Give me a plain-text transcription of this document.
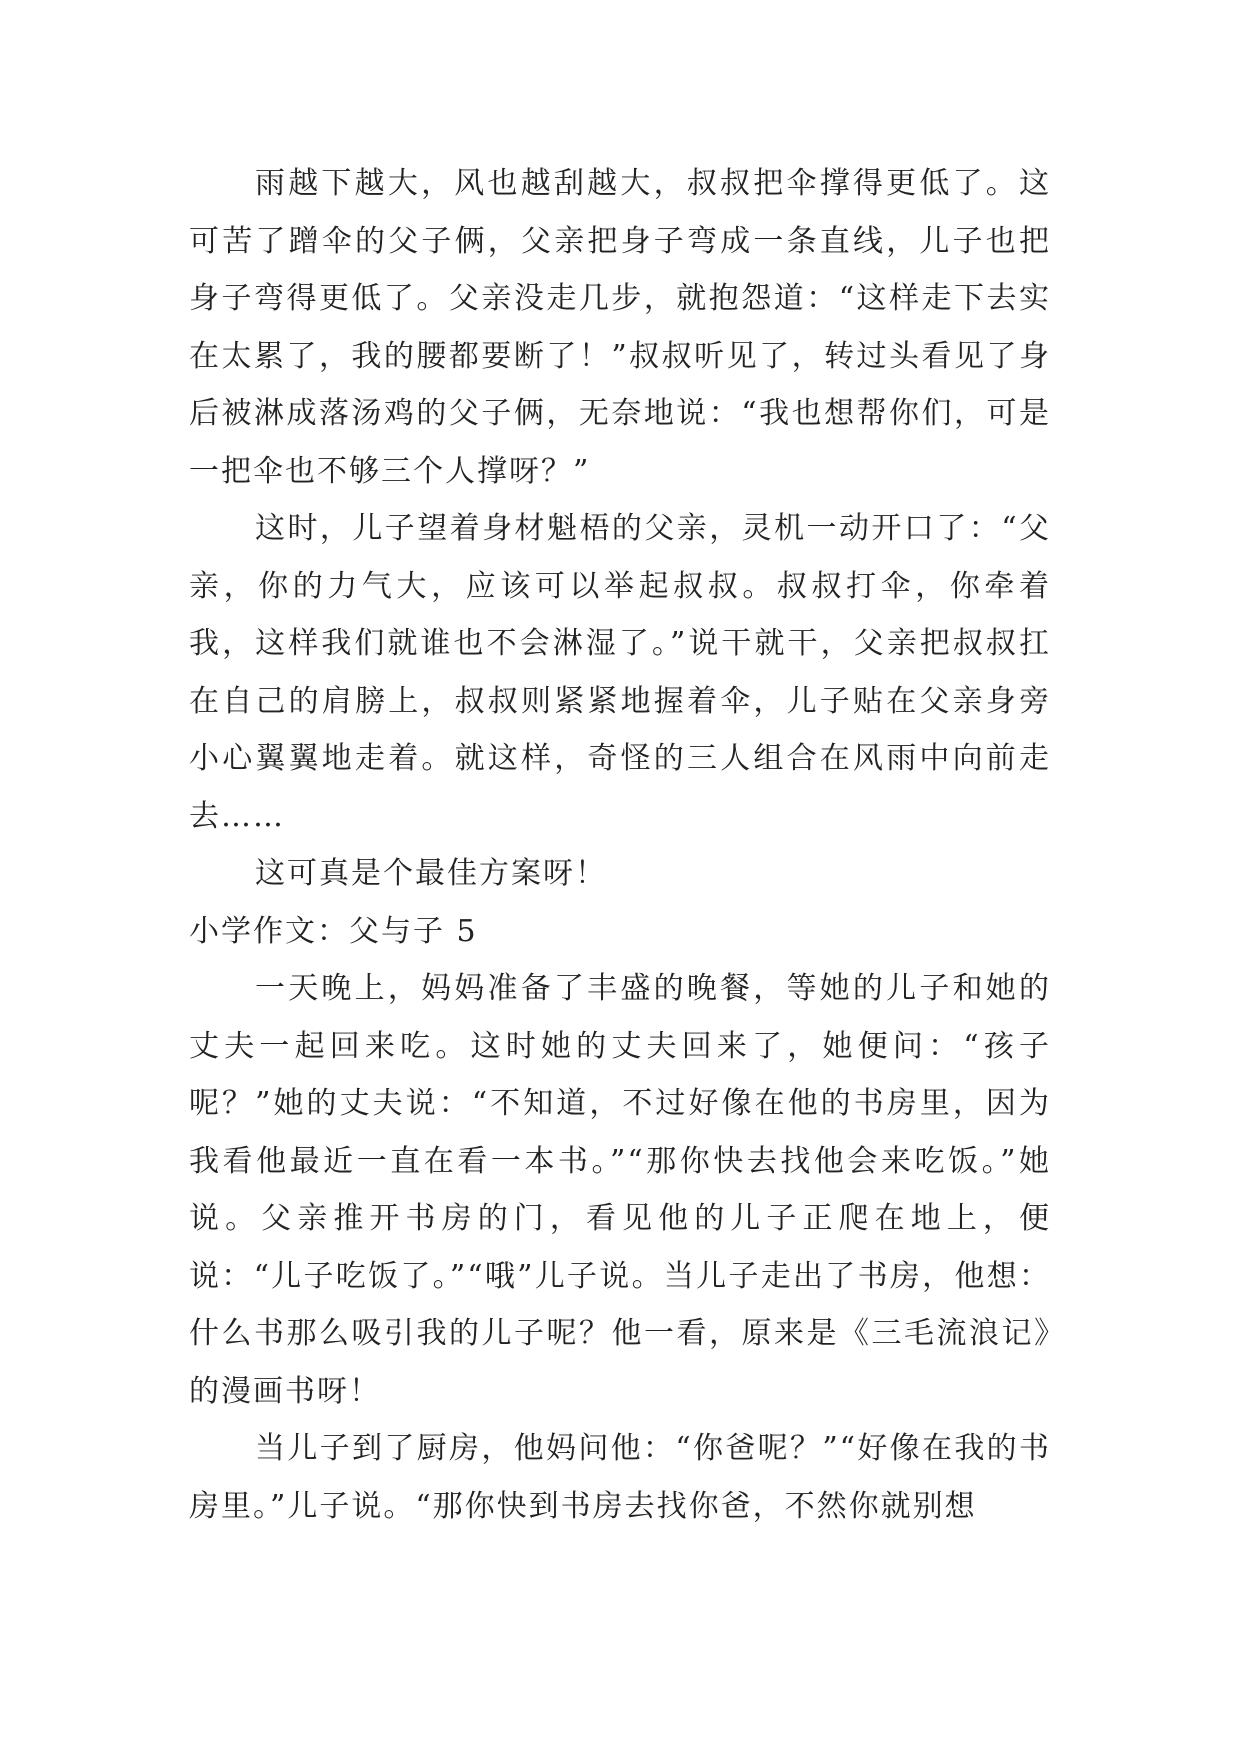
雨越下越大，风也越刮越大，叔叔把伞撑得更低了。这可苦了蹭伞的父子俩，父亲把身子弯成一条直线，儿子也把身子弯得更低了。父亲没走几步，就抱怨道：“这样走下去实在太累了，我的腰都要断了！”叔叔听见了，转过头看见了身后被淋成落汤鸡的父子俩，无奈地说：“我也想帮你们，可是一把伞也不够三个人撑呀？”

这时，儿子望着身材魁梧的父亲，灵机一动开口了：“父亲，你的力气大，应该可以举起叔叔。叔叔打伞，你牵着我，这样我们就谁也不会淋湿了。”说干就干，父亲把叔叔扛在自己的肩膀上，叔叔则紧紧地握着伞，儿子贴在父亲身旁小心翼翼地走着。就这样，奇怪的三人组合在风雨中向前走去……

这可真是个最佳方案呀！

小学作文：父与子 5

一天晚上，妈妈准备了丰盛的晚餐，等她的儿子和她的丈夫一起回来吃。这时她的丈夫回来了，她便问：“孩子呢？”她的丈夫说：“不知道，不过好像在他的书房里，因为我看他最近一直在看一本书。”“那你快去找他会来吃饭。”她说。父亲推开书房的门，看见他的儿子正爬在地上，便说：“儿子吃饭了。”“哦”儿子说。当儿子走出了书房，他想：什么书那么吸引我的儿子呢？他一看，原来是《三毛流浪记》的漫画书呀！

当儿子到了厨房，他妈问他：“你爸呢？”“好像在我的书房里。”儿子说。“那你快到书房去找你爸，不然你就别想
